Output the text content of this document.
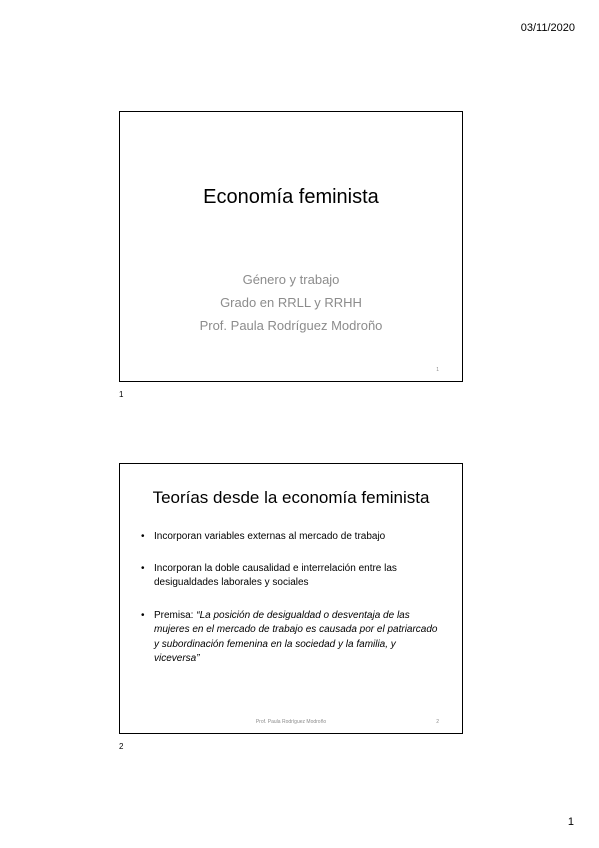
03/11/2020
Economía feminista
Género y trabajo
Grado en RRLL y RRHH
Prof. Paula Rodríguez Modroño
1
1
Teorías desde la economía feminista
• Incorporan variables externas al mercado de trabajo
• Incorporan la doble causalidad e interrelación entre las desigualdades laborales y sociales
• Premisa: “La posición de desigualdad o desventaja de las mujeres en el mercado de trabajo es causada por el patriarcado y subordinación femenina en la sociedad y la familia, y viceversa”
Prof. Paula Rodríguez Modroño	2
2
1
